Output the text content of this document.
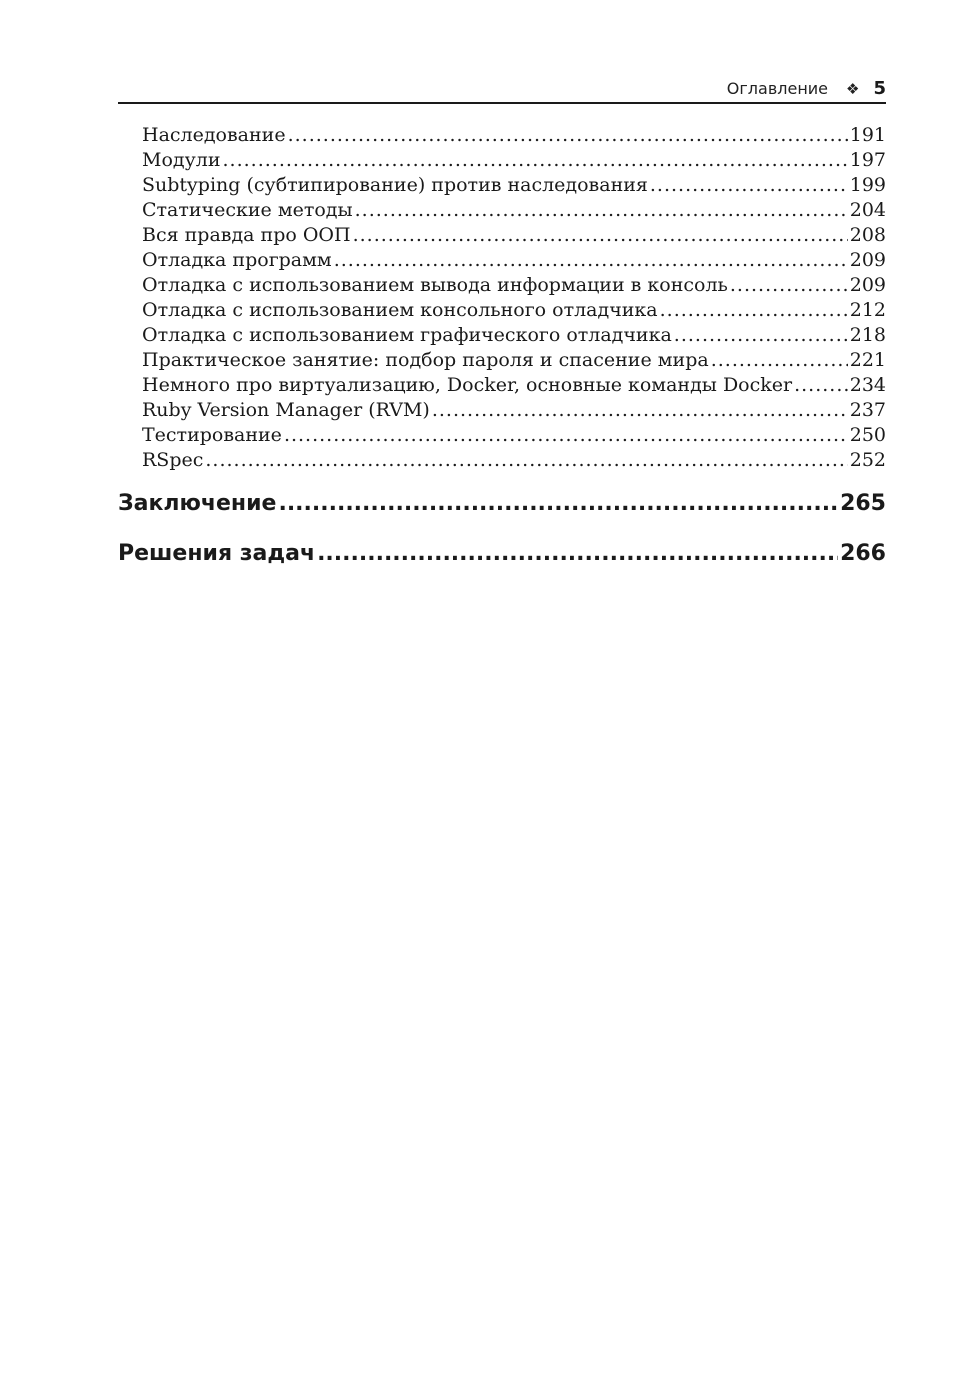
Оглавление ❖ 5
Наследование .....	191
Модули .....	197
Subtyping (субтипирование) против наследования .....	199
Статические методы .....	204
Вся правда про ООП .....	208
Отладка программ .....	209
Отладка с использованием вывода информации в консоль .....	209
Отладка с использованием консольного отладчика .....	212
Отладка с использованием графического отладчика .....	218
Практическое занятие: подбор пароля и спасение мира .....	221
Немного про виртуализацию, Docker, основные команды Docker .....	234
Ruby Version Manager (RVM) .....	237
Тестирование .....	250
RSpec .....	252
Заключение .....	265
Решения задач .....	266
